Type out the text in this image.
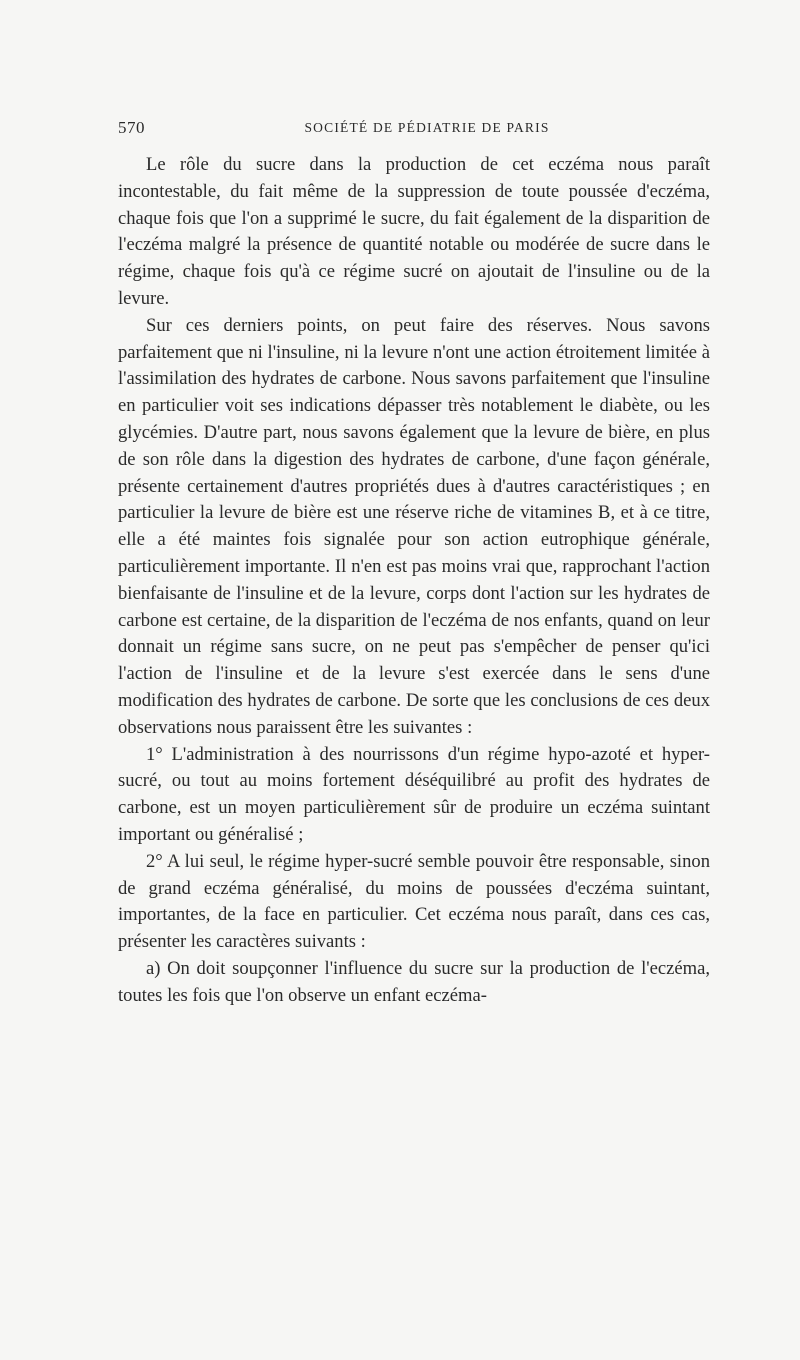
570	SOCIÉTÉ DE PÉDIATRIE DE PARIS

Le rôle du sucre dans la production de cet eczéma nous paraît incontestable, du fait même de la suppression de toute poussée d'eczéma, chaque fois que l'on a supprimé le sucre, du fait également de la disparition de l'eczéma malgré la présence de quantité notable ou modérée de sucre dans le régime, chaque fois qu'à ce régime sucré on ajoutait de l'insuline ou de la levure.

Sur ces derniers points, on peut faire des réserves. Nous savons parfaitement que ni l'insuline, ni la levure n'ont une action étroitement limitée à l'assimilation des hydrates de carbone. Nous savons parfaitement que l'insuline en particulier voit ses indications dépasser très notablement le diabète, ou les glycémies. D'autre part, nous savons également que la levure de bière, en plus de son rôle dans la digestion des hydrates de carbone, d'une façon générale, présente certainement d'autres propriétés dues à d'autres caractéristiques ; en particulier la levure de bière est une réserve riche de vitamines B, et à ce titre, elle a été maintes fois signalée pour son action eutrophique générale, particulièrement importante. Il n'en est pas moins vrai que, rapprochant l'action bienfaisante de l'insuline et de la levure, corps dont l'action sur les hydrates de carbone est certaine, de la disparition de l'eczéma de nos enfants, quand on leur donnait un régime sans sucre, on ne peut pas s'empêcher de penser qu'ici l'action de l'insuline et de la levure s'est exercée dans le sens d'une modification des hydrates de carbone. De sorte que les conclusions de ces deux observations nous paraissent être les suivantes :

1° L'administration à des nourrissons d'un régime hypo-azoté et hyper-sucré, ou tout au moins fortement déséquilibré au profit des hydrates de carbone, est un moyen particulièrement sûr de produire un eczéma suintant important ou généralisé ;

2° A lui seul, le régime hyper-sucré semble pouvoir être responsable, sinon de grand eczéma généralisé, du moins de poussées d'eczéma suintant, importantes, de la face en particulier. Cet eczéma nous paraît, dans ces cas, présenter les caractères suivants :

a) On doit soupçonner l'influence du sucre sur la production de l'eczéma, toutes les fois que l'on observe un enfant eczéma-
